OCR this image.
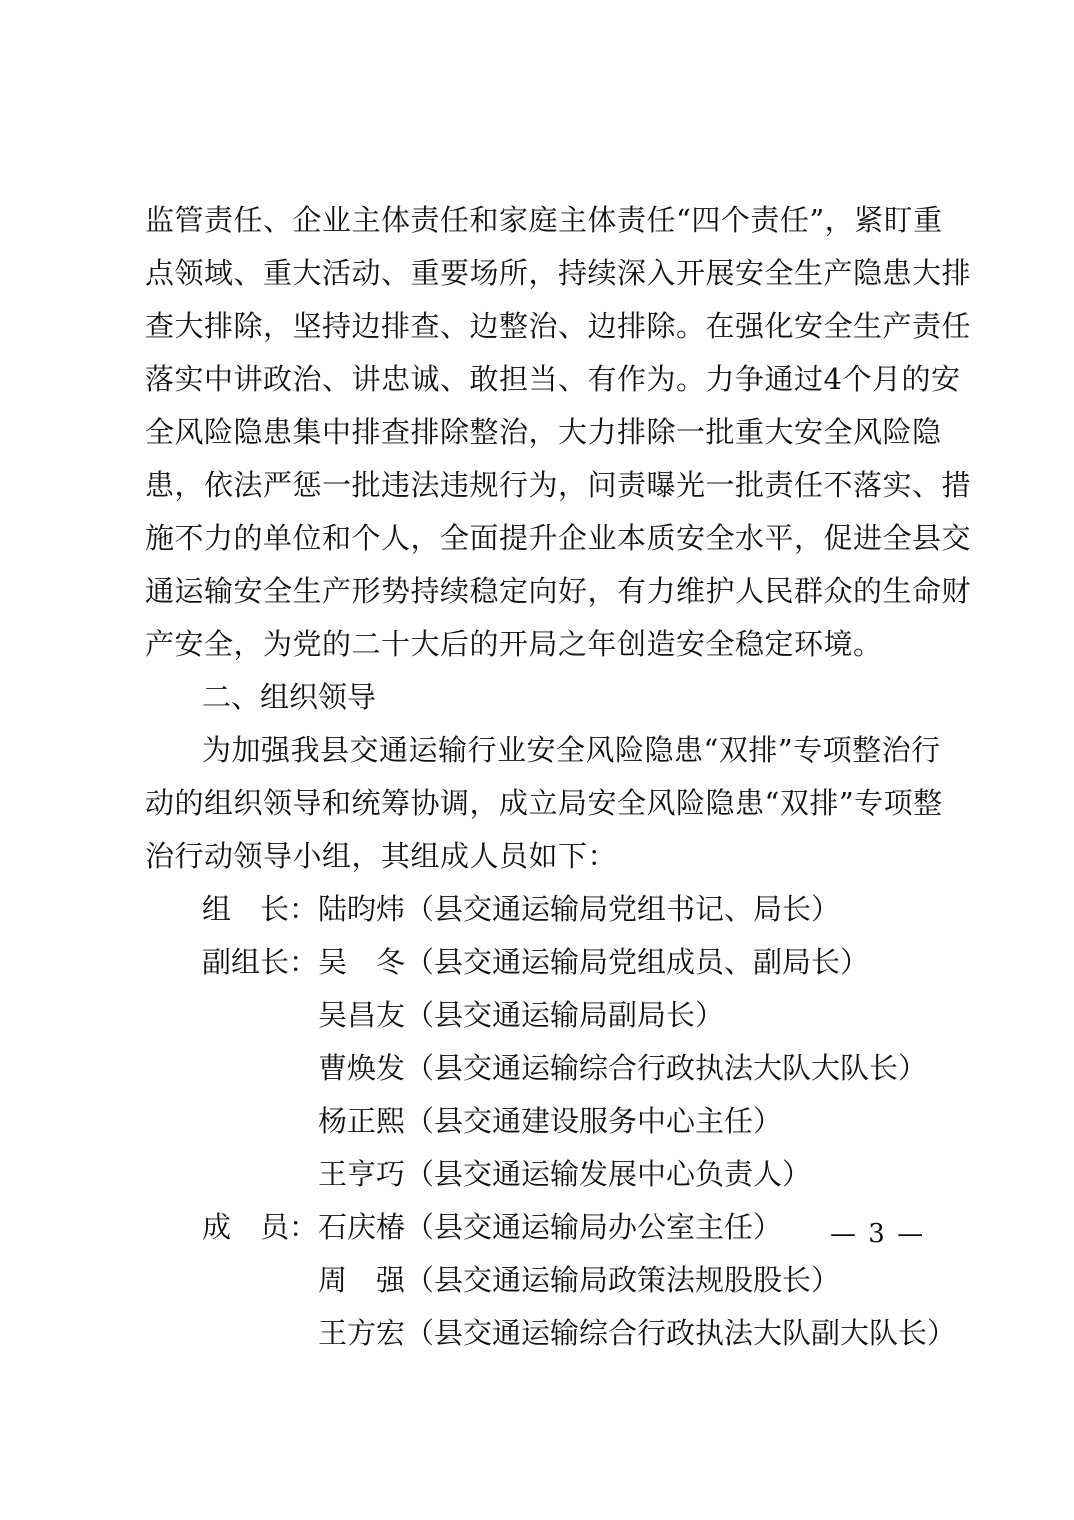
监管责任、企业主体责任和家庭主体责任“四个责任”，紧盯重
点领域、重大活动、重要场所，持续深入开展安全生产隐患大排
查大排除，坚持边排查、边整治、边排除。在强化安全生产责任
落实中讲政治、讲忠诚、敢担当、有作为。力争通过4个月的安
全风险隐患集中排查排除整治，大力排除一批重大安全风险隐
患，依法严惩一批违法违规行为，问责曝光一批责任不落实、措
施不力的单位和个人，全面提升企业本质安全水平，促进全县交
通运输安全生产形势持续稳定向好，有力维护人民群众的生命财
产安全，为党的二十大后的开局之年创造安全稳定环境。
二、组织领导
为加强我县交通运输行业安全风险隐患“双排”专项整治行
动的组织领导和统筹协调，成立局安全风险隐患“双排”专项整
治行动领导小组，其组成人员如下：
组　长： 陆昀炜（县交通运输局党组书记、局长）
副组长： 吴　冬（县交通运输局党组成员、副局长）
吴昌友（县交通运输局副局长）
曹焕发（县交通运输综合行政执法大队大队长）
杨正熙（县交通建设服务中心主任）
王亨巧（县交通运输发展中心负责人）
成　员： 石庆椿（县交通运输局办公室主任）
周　强（县交通运输局政策法规股股长）
王方宏（县交通运输综合行政执法大队副大队长）
— 3 —
